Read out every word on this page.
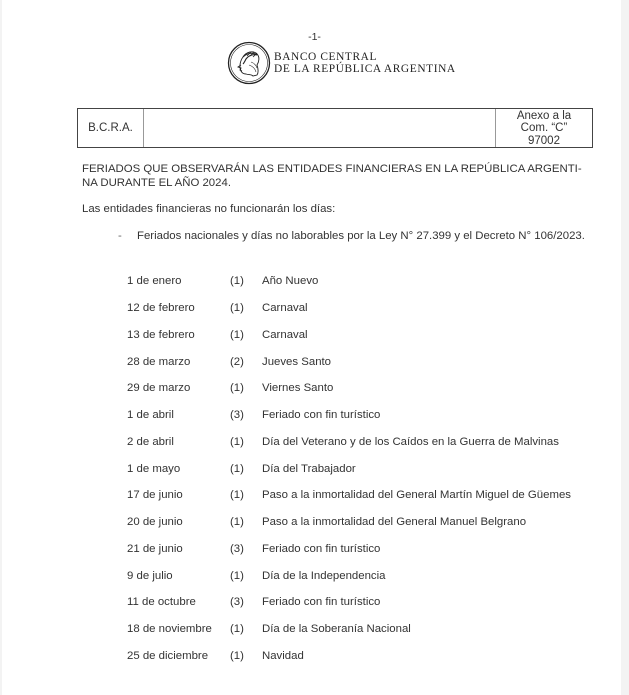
-1-
BANCO CENTRAL
DE LA REPÚBLICA ARGENTINA
B.C.R.A.
Anexo a la
Com. “C”
97002
FERIADOS QUE OBSERVARÁN LAS ENTIDADES FINANCIERAS EN LA REPÚBLICA ARGENTI-
NA DURANTE EL AÑO 2024.
Las entidades financieras no funcionarán los días:
-	Feriados nacionales y días no laborables por la Ley N° 27.399 y el Decreto N° 106/2023.
1 de enero	(1)	Año Nuevo
12 de febrero	(1)	Carnaval
13 de febrero	(1)	Carnaval
28 de marzo	(2)	Jueves Santo
29 de marzo	(1)	Viernes Santo
1 de abril	(3)	Feriado con fin turístico
2 de abril	(1)	Día del Veterano y de los Caídos en la Guerra de Malvinas
1 de mayo	(1)	Día del Trabajador
17 de junio	(1)	Paso a la inmortalidad del General Martín Miguel de Güemes
20 de junio	(1)	Paso a la inmortalidad del General Manuel Belgrano
21 de junio	(3)	Feriado con fin turístico
9 de julio	(1)	Día de la Independencia
11 de octubre	(3)	Feriado con fin turístico
18 de noviembre	(1)	Día de la Soberanía Nacional
25 de diciembre	(1)	Navidad
